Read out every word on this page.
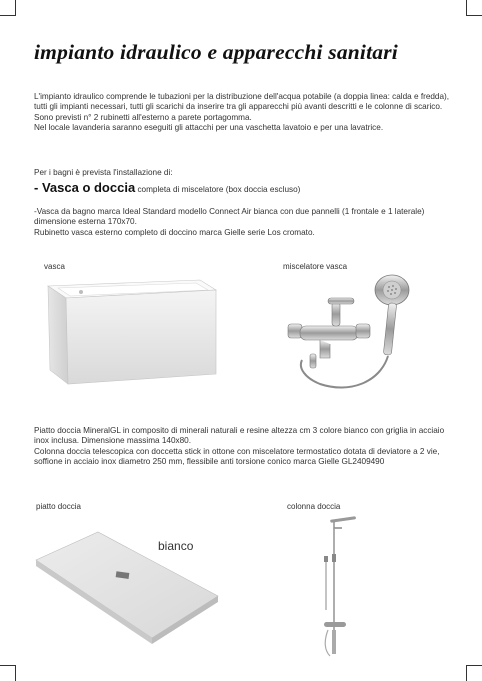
impianto idraulico e apparecchi sanitari

L'impianto idraulico comprende le tubazioni per la distribuzione dell'acqua potabile (a doppia linea: calda e fredda), tutti gli impianti necessari, tutti gli scarichi da inserire tra gli apparecchi più avanti descritti e le colonne di scarico.

Sono previsti n° 2 rubinetti all'esterno a parete portagomma.

Nel locale lavanderia saranno eseguiti gli attacchi per una vaschetta lavatoio e per una lavatrice.

Per i bagni è prevista l'installazione di:
- Vasca o doccia completa di miscelatore (box doccia escluso)

-Vasca da bagno marca Ideal Standard modello Connect Air bianca con due pannelli (1 frontale e 1 laterale) dimensione esterna 170x70.

Rubinetto vasca esterno completo di doccino marca Gielle serie Los cromato.

vasca	miscelatore vasca

Piatto doccia MineralGL in composito di minerali naturali e resine altezza cm 3 colore bianco con griglia in acciaio inox inclusa. Dimensione massima 140x80.

Colonna doccia telescopica con doccetta stick in ottone con miscelatore termostatico dotata di deviatore a 2 vie, soffione in acciaio inox diametro 250 mm, flessibile anti torsione conico marca Gielle GL2409490

piatto doccia	colonna doccia
bianco
